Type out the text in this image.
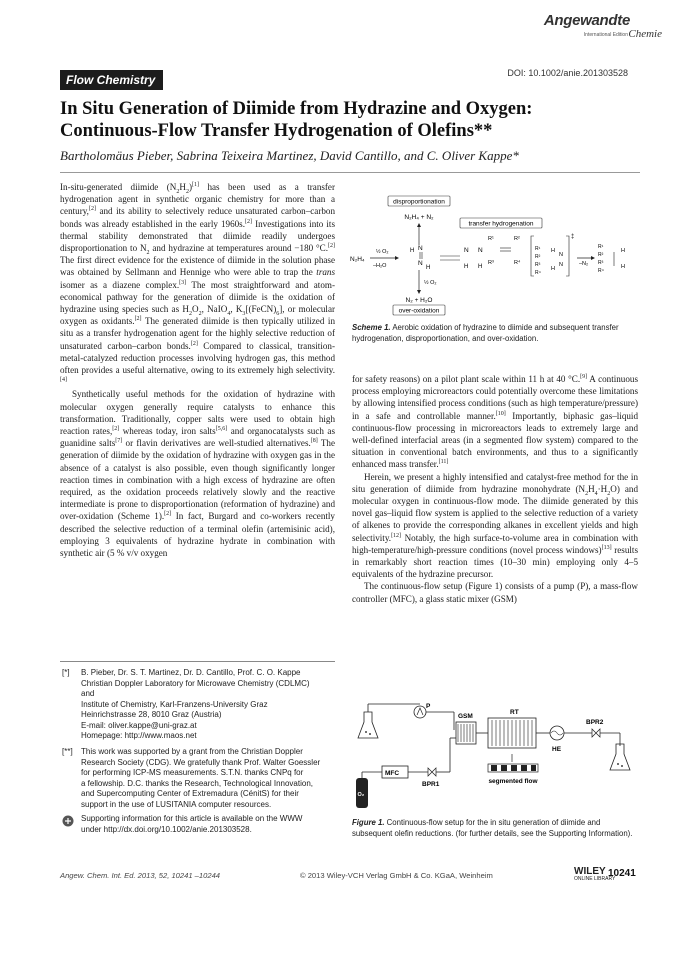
Angewandte
International Edition Chemie
Flow Chemistry	DOI: 10.1002/anie.201303528
In Situ Generation of Diimide from Hydrazine and Oxygen:
Continuous-Flow Transfer Hydrogenation of Olefins**
Bartholomäus Pieber, Sabrina Teixeira Martinez, David Cantillo, and C. Oliver Kappe*

In-situ-generated diimide $(N_2H_2)[1]$ has been used as a transfer hydrogenation agent in synthetic organic chemistry for more than a century,[2] and its ability to selectively reduce unsaturated carbon–carbon bonds was already established in the early 1960s.[2] Investigations into its thermal stability demonstrated that diimide readily undergoes disproportionation to $N_2$ and hydrazine at temperatures around −180 °C.[2] The first direct evidence for the existence of diimide in the solution phase was obtained by Sellmann and Hennige who were able to trap the trans isomer as a diazene complex.[3] The most straightforward and atom-economical pathway for the generation of diimide is the oxidation of hydrazine using species such as $H_2O_2$, NaIO$_4$, $K_3[(FeCN)_6]$, or molecular oxygen as oxidants.[2] The generated diimide is then typically utilized in situ as a transfer hydrogenation agent for the highly selective reduction of unsaturated carbon–carbon bonds.[2] Compared to classical, transition-metal-catalyzed reduction processes involving hydrogen gas, this method often provides a useful alternative, owing to its extremely high selectivity.[4]

Synthetically useful methods for the oxidation of hydrazine with molecular oxygen generally require catalysts to enhance this transformation. Traditionally, copper salts were used to obtain high reaction rates,[2] whereas today, iron salts[5,6] and organocatalysts such as guanidine salts[7] or flavin derivatives are well-studied alternatives.[8] The generation of diimide by the oxidation of hydrazine with oxygen gas in the absence of a catalyst is also possible, even though significantly longer reaction times in combination with a high excess of hydrazine are often required, as the oxidation proceeds relatively slowly and the reactive intermediate is prone to disproportionation (reformation of hydrazine) and over-oxidation (Scheme 1).[2] In fact, Burgard and co-workers recently described the selective reduction of a terminal olefin (artemisinic acid), employing 3 equivalents of hydrazine hydrate in combination with synthetic air (5 % v/v oxygen

[*] B. Pieber, Dr. S. T. Martinez, Dr. D. Cantillo, Prof. C. O. Kappe
Christian Doppler Laboratory for Microwave Chemistry (CDLMC)
and
Institute of Chemistry, Karl-Franzens-University Graz
Heinrichstrasse 28, 8010 Graz (Austria)
E-mail: oliver.kappe@uni-graz.at
Homepage: http://www.maos.net
[**] This work was supported by a grant from the Christian Doppler
Research Society (CDG). We gratefully thank Prof. Walter Goessler
for performing ICP-MS measurements. S.T.N. thanks CNPq for
a fellowship. D.C. thanks the Research, Technological Innovation,
and Supercomputing Center of Extremadura (CénitS) for their
support in the use of LUSITANIA computer resources.
Supporting information for this article is available on the WWW
under http://dx.doi.org/10.1002/anie.201303528.
disproportionation
N₂H₄ + N₂
N₂H₄
½ O₂
–H₂O
H N
N
H
½ O₂
N₂ + H₂O
over-oxidation
N N
H H
transfer hydrogenation
R¹	R²
R³	R⁴
‡
R¹
R²
R³
R⁴
H
H
N
N	–N₂
R¹
R²
R³
R⁴
H
H
Scheme 1. Aerobic oxidation of hydrazine to diimide and subsequent transfer hydrogenation, disproportionation, and over-oxidation.

for safety reasons) on a pilot plant scale within 11 h at 40 °C.[9] A continuous process employing microreactors could potentially overcome these limitations by allowing intensified process conditions (such as high temperature/pressure) in a safe and controllable manner.[10] Importantly, biphasic gas–liquid continuous-flow processing in microreactors leads to extremely large and well-defined interfacial areas (in a segmented flow system) compared to the situation in conventional batch environments, and thus to a significantly enhanced mass transfer.[11]

Herein, we present a highly intensified and catalyst-free method for the in situ generation of diimide from hydrazine monohydrate $(N_2H_4\cdot H_2O)$ and molecular oxygen in continuous-flow mode. The diimide generated by this novel gas–liquid flow system is applied to the selective reduction of a variety of alkenes to provide the corresponding alkanes in excellent yields and high selectivity.[12] Notably, the high surface-to-volume area in combination with high-temperature/high-pressure conditions (novel process windows)[13] results in remarkably short reaction times (10–30 min) employing only 4–5 equivalents of the hydrazine precursor.

The continuous-flow setup (Figure 1) consists of a pump (P), a mass-flow controller (MFC), a glass static mixer (GSM)

P
GSM
RT
HE
BPR2
O₂
MFC
BPR1	segmented flow
Figure 1. Continuous-flow setup for the in situ generation of diimide and subsequent olefin reductions. (for further details, see the Supporting Information).
Angew. Chem. Int. Ed. 2013, 52, 10241 –10244	© 2013 Wiley-VCH Verlag GmbH & Co. KGaA, Weinheim	WILEY
ONLINE LIBRARY
10241
